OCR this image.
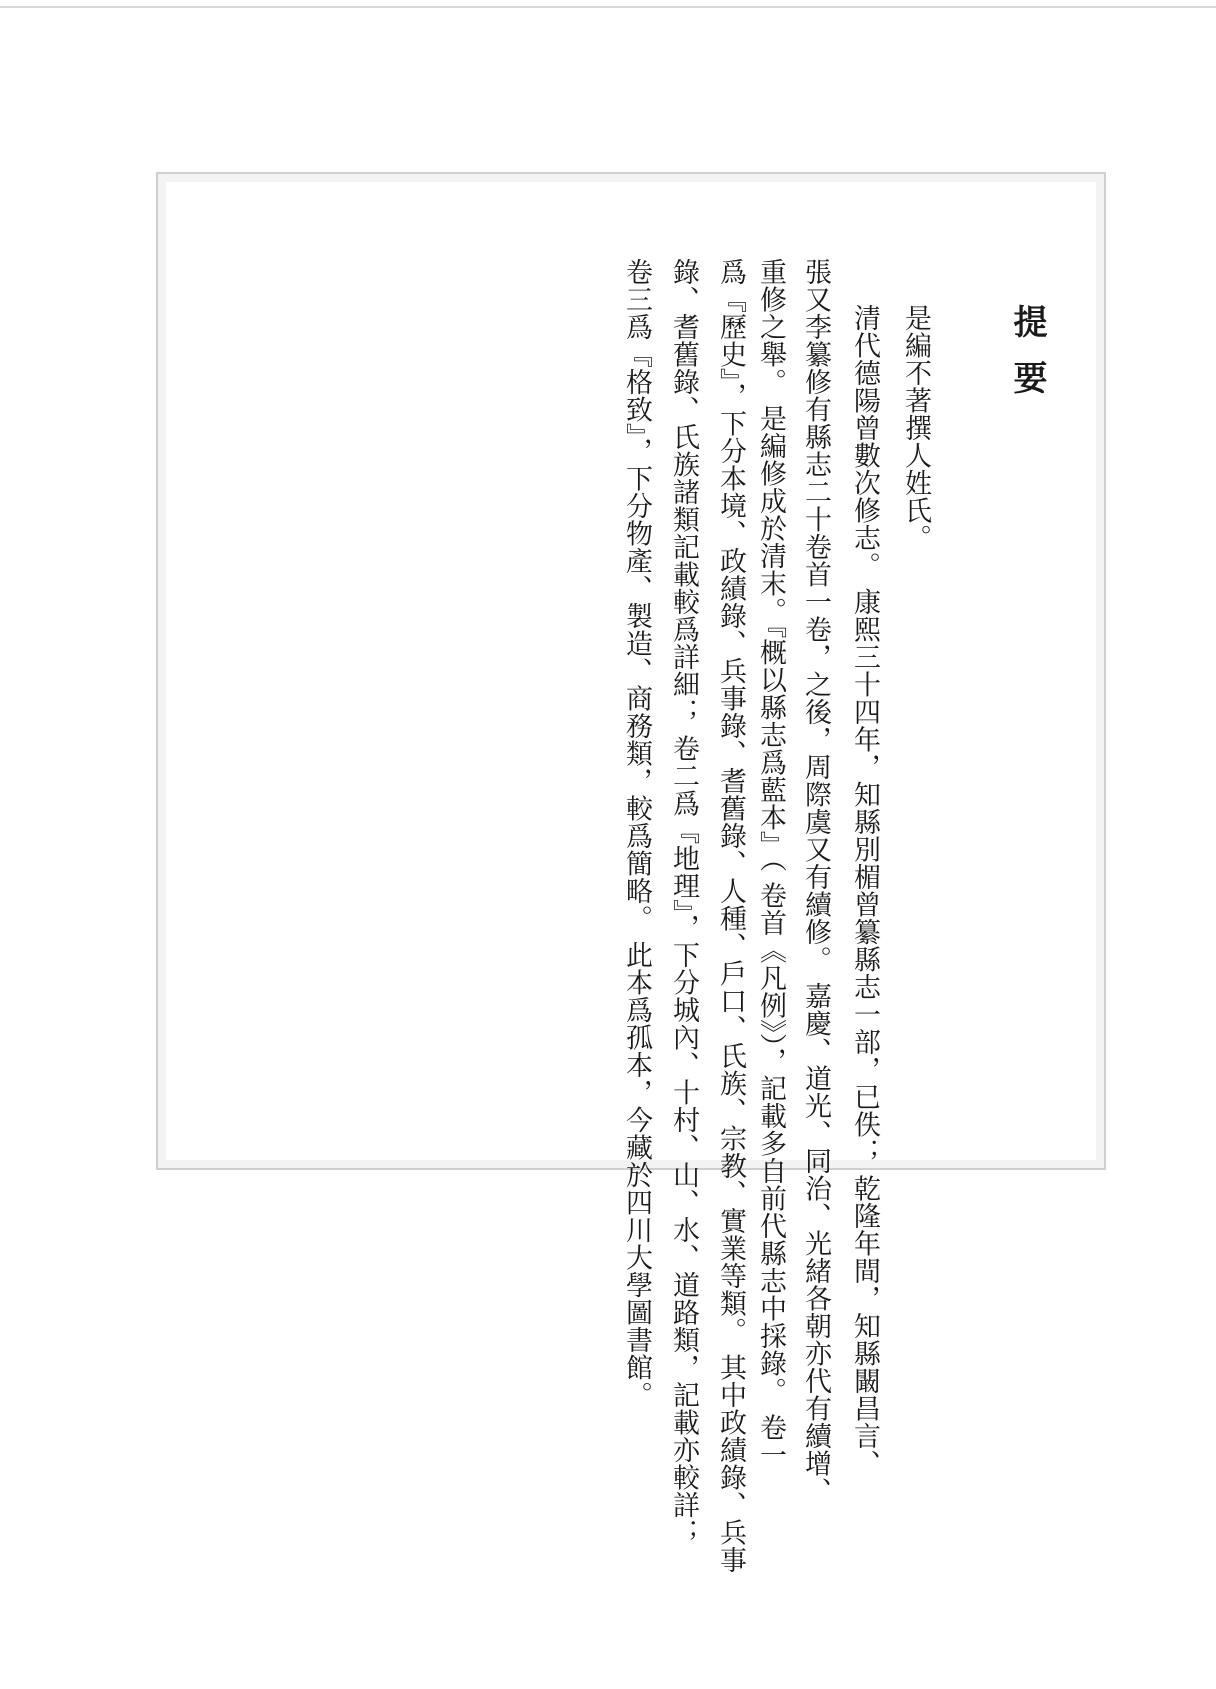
提要
是編不著撰人姓氏。
清代德陽曾數次修志。 康熙三十四年，知縣別楣曾纂縣志一部，已佚； 乾隆年間，知縣闞昌言、
張又李纂修有縣志二十卷首一卷，之後，周際虞又有續修。 嘉慶、道光、同治、光緒各朝亦代有續增、
重修之舉。 是編修成於清末。『概以縣志爲藍本』（ 卷首《凡例》），記載多自前代縣志中採錄。 卷一
爲『歷史』，下分本境、政績錄、兵事錄、耆舊錄、人種、戶口、氏族、宗教、實業等類。 其中政績錄、兵事
錄、耆舊錄、氏族諸類記載較爲詳細； 卷二爲『地理』，下分城內、十村、山、水、道路類，記載亦較詳；
卷三爲『格致』，下分物產、製造、商務類，較爲簡略。 此本爲孤本，今藏於四川大學圖書館。
